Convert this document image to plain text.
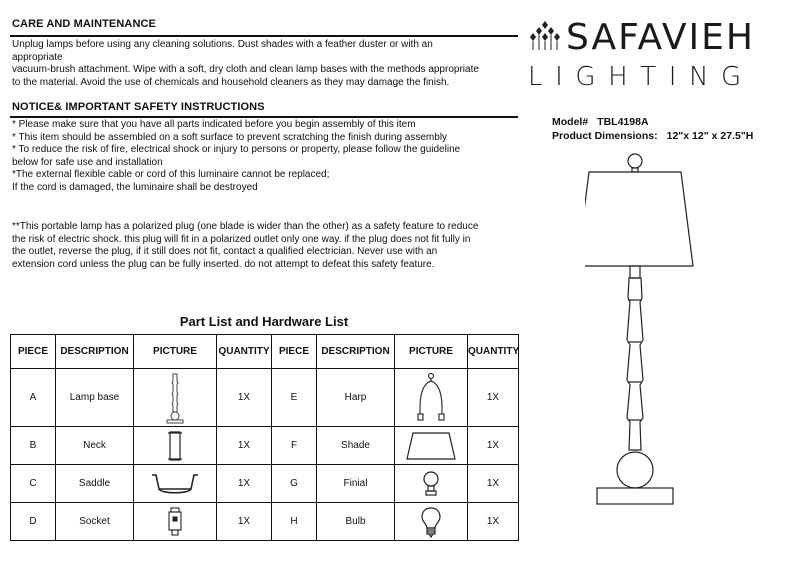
CARE AND MAINTENANCE
Unplug lamps before using any cleaning solutions. Dust shades with a feather duster or with an
appropriate
vacuum-brush attachment. Wipe with a soft, dry cloth and clean lamp bases with the methods appropriate
to the material. Avoid the use of chemicals and household cleaners as they may damage the finish.
NOTICE& IMPORTANT SAFETY INSTRUCTIONS
* Please make sure that you have all parts indicated before you begin assembly of this item
* This item should be assembled on a soft surface to prevent scratching the finish during assembly
* To reduce the risk of fire, electrical shock or injury to persons or property, please follow the guideline
below for safe use and installation
*The external flexible cable or cord of this luminaire cannot be replaced;
If the cord is damaged, the luminaire shall be destroyed
**This portable lamp has a polarized plug (one blade is wider than the other) as a safety feature to reduce
the risk of electric shock. this plug will fit in a polarized outlet only one way. if the plug does not fit fully in
the outlet, reverse the plug, if it still does not fit, contact a qualified electrician. Never use with an
extension cord unless the plug can be fully inserted. do not attempt to defeat this safety feature.
SAFAVIEH
LIGHTING
Model# TBL4198A
Product Dimensions: 12"x 12" x 27.5"H
Part List and Hardware List
PIECE	DESCRIPTION	PICTURE	QUANTITY	PIECE	DESCRIPTION	PICTURE	QUANTITY
A	Lamp base		1X	E	Harp		1X
B	Neck		1X	F	Shade		1X
C	Saddle		1X	G	Finial		1X
D	Socket		1X	H	Bulb		1X
